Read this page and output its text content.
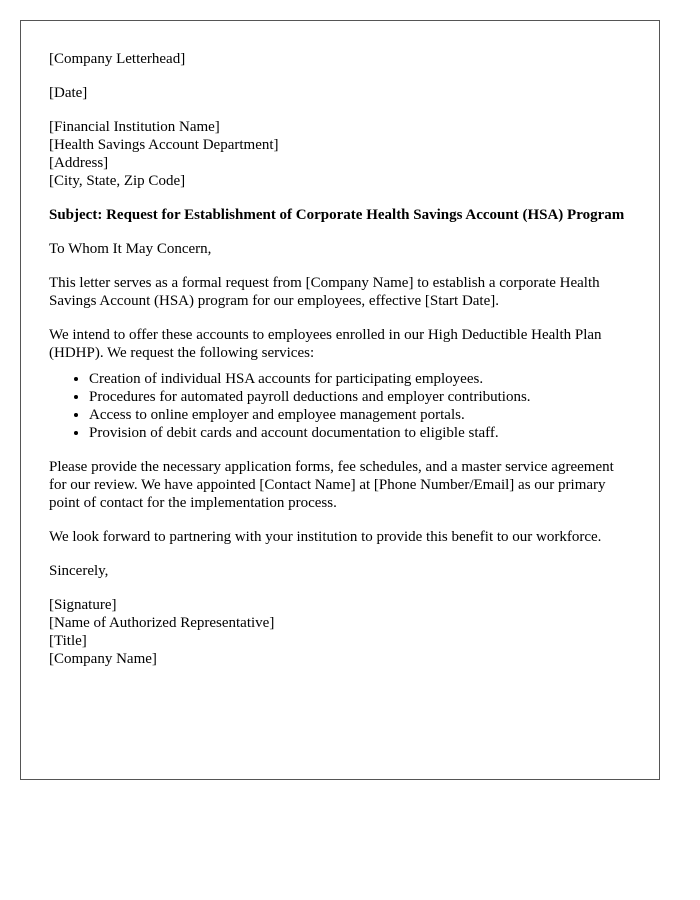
[Company Letterhead]
[Date]
[Financial Institution Name]
[Health Savings Account Department]
[Address]
[City, State, Zip Code]
Subject: Request for Establishment of Corporate Health Savings Account (HSA) Program
To Whom It May Concern,
This letter serves as a formal request from [Company Name] to establish a corporate Health Savings Account (HSA) program for our employees, effective [Start Date].
We intend to offer these accounts to employees enrolled in our High Deductible Health Plan (HDHP). We request the following services:
• Creation of individual HSA accounts for participating employees.
• Procedures for automated payroll deductions and employer contributions.
• Access to online employer and employee management portals.
• Provision of debit cards and account documentation to eligible staff.
Please provide the necessary application forms, fee schedules, and a master service agreement for our review. We have appointed [Contact Name] at [Phone Number/Email] as our primary point of contact for the implementation process.
We look forward to partnering with your institution to provide this benefit to our workforce.
Sincerely,
[Signature]
[Name of Authorized Representative]
[Title]
[Company Name]
